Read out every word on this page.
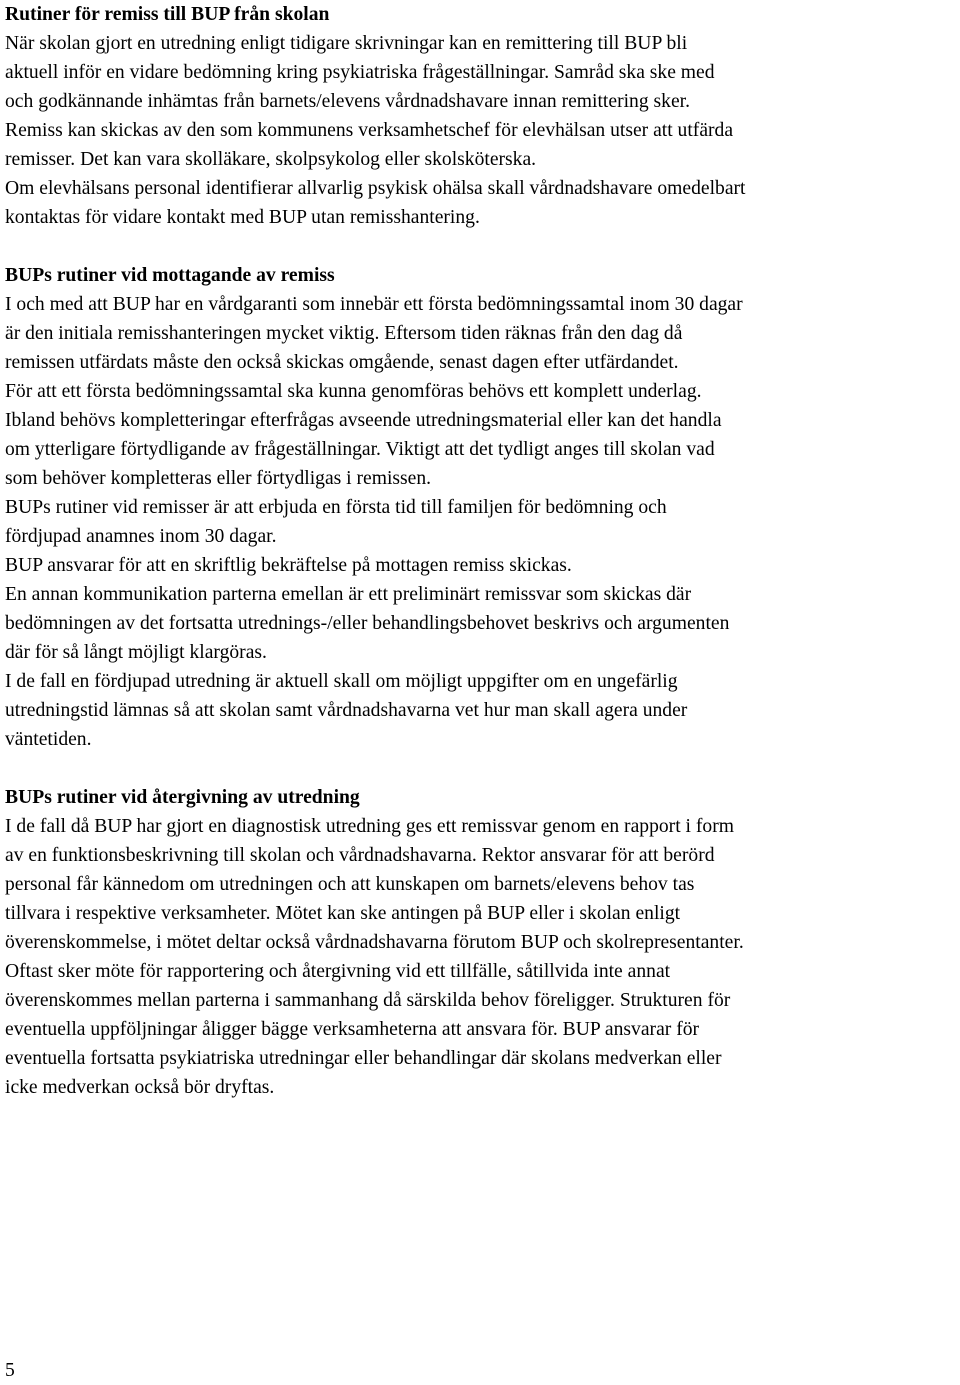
Rutiner för remiss till BUP från skolan

När skolan gjort en utredning enligt tidigare skrivningar kan en remittering till BUP bli

aktuell inför en vidare bedömning kring psykiatriska frågeställningar. Samråd ska ske med

och godkännande inhämtas från barnets/elevens vårdnadshavare innan remittering sker.

Remiss kan skickas av den som kommunens verksamhetschef för elevhälsan utser att utfärda

remisser. Det kan vara skolläkare, skolpsykolog eller skolsköterska.

Om elevhälsans personal identifierar allvarlig psykisk ohälsa skall vårdnadshavare omedelbart

kontaktas för vidare kontakt med BUP utan remisshantering.

BUPs rutiner vid mottagande av remiss

I och med att BUP har en vårdgaranti som innebär ett första bedömningssamtal inom 30 dagar

är den initiala remisshanteringen mycket viktig. Eftersom tiden räknas från den dag då

remissen utfärdats måste den också skickas omgående, senast dagen efter utfärdandet.

För att ett första bedömningssamtal ska kunna genomföras behövs ett komplett underlag.

Ibland behövs kompletteringar efterfrågas avseende utredningsmaterial eller kan det handla

om ytterligare förtydligande av frågeställningar. Viktigt att det tydligt anges till skolan vad

som behöver kompletteras eller förtydligas i remissen.

BUPs rutiner vid remisser är att erbjuda en första tid till familjen för bedömning och

fördjupad anamnes inom 30 dagar.

BUP ansvarar för att en skriftlig bekräftelse på mottagen remiss skickas.

En annan kommunikation parterna emellan är ett preliminärt remissvar som skickas där

bedömningen av det fortsatta utrednings-/eller behandlingsbehovet beskrivs och argumenten

där för så långt möjligt klargöras.

I de fall en fördjupad utredning är aktuell skall om möjligt uppgifter om en ungefärlig

utredningstid lämnas så att skolan samt vårdnadshavarna vet hur man skall agera under

väntetiden.

BUPs rutiner vid återgivning av utredning

I de fall då BUP har gjort en diagnostisk utredning ges ett remissvar genom en rapport i form

av en funktionsbeskrivning till skolan och vårdnadshavarna. Rektor ansvarar för att berörd

personal får kännedom om utredningen och att kunskapen om barnets/elevens behov tas

tillvara i respektive verksamheter. Mötet kan ske antingen på BUP eller i skolan enligt

överenskommelse, i mötet deltar också vårdnadshavarna förutom BUP och skolrepresentanter.

Oftast sker möte för rapportering och återgivning vid ett tillfälle, såtillvida inte annat

överenskommes mellan parterna i sammanhang då särskilda behov föreligger. Strukturen för

eventuella uppföljningar åligger bägge verksamheterna att ansvara för. BUP ansvarar för

eventuella fortsatta psykiatriska utredningar eller behandlingar där skolans medverkan eller

icke medverkan också bör dryftas.

5
